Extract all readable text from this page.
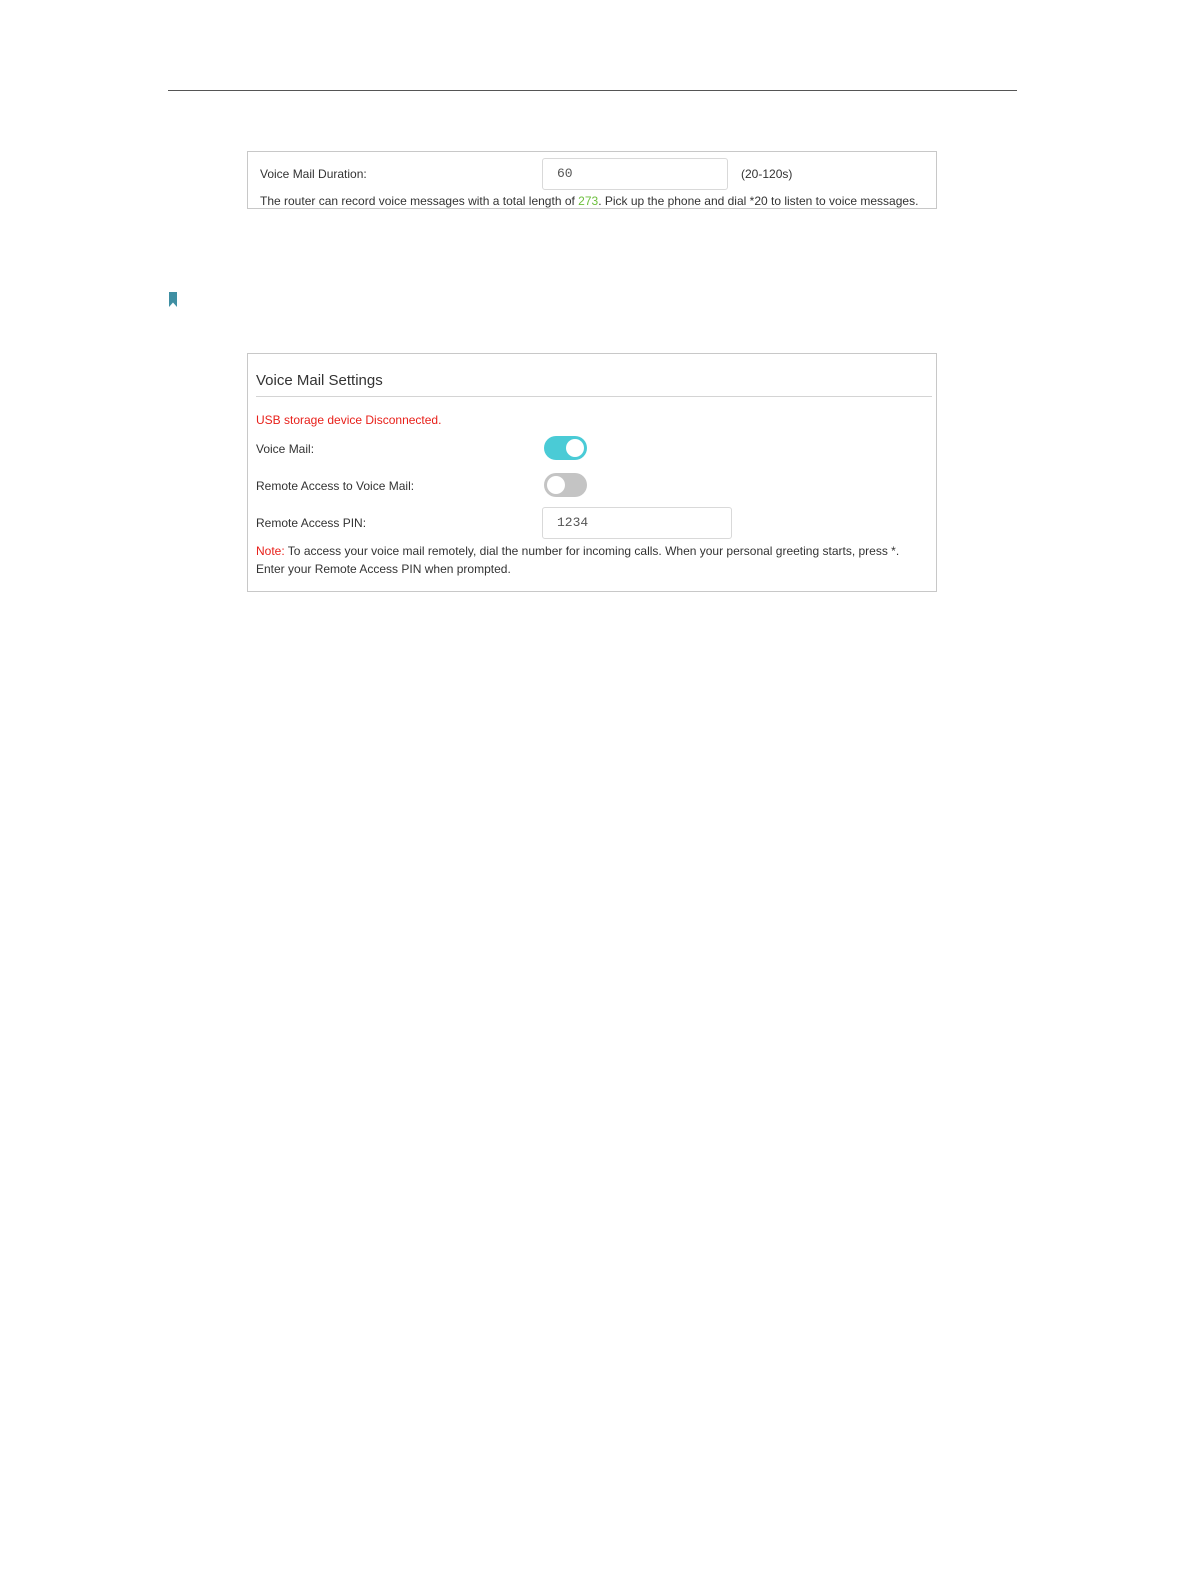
Voice Mail Duration:	60	(20-120s)
The router can record voice messages with a total length of 273. Pick up the phone and dial *20 to listen to voice messages.
Voice Mail Settings
USB storage device Disconnected.
Voice Mail:
Remote Access to Voice Mail:
Remote Access PIN:	1234
Note: To access your voice mail remotely, dial the number for incoming calls. When your personal greeting starts, press *.
Enter your Remote Access PIN when prompted.
